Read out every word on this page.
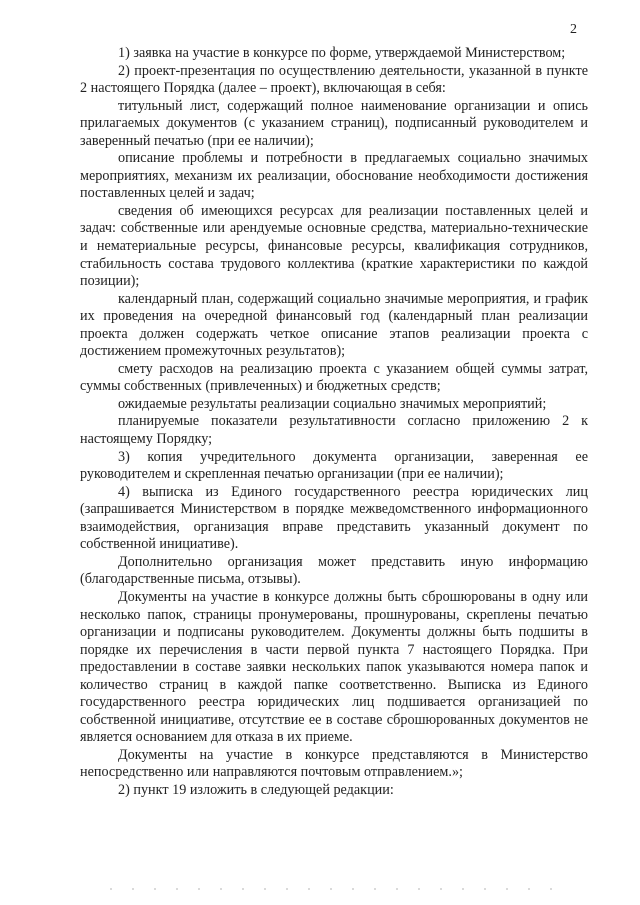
2

1) заявка на участие в конкурсе по форме, утверждаемой Министерством;

2) проект-презентация по осуществлению деятельности, указанной в пункте 2 настоящего Порядка (далее – проект), включающая в себя:

титульный лист, содержащий полное наименование организации и опись прилагаемых документов (с указанием страниц), подписанный руководителем и заверенный печатью (при ее наличии);

описание проблемы и потребности в предлагаемых социально значимых мероприятиях, механизм их реализации, обоснование необходимости достижения поставленных целей и задач;

сведения об имеющихся ресурсах для реализации поставленных целей и задач: собственные или арендуемые основные средства, материально-технические и нематериальные ресурсы, финансовые ресурсы, квалификация сотрудников, стабильность состава трудового коллектива (краткие характеристики по каждой позиции);

календарный план, содержащий социально значимые мероприятия, и график их проведения на очередной финансовый год (календарный план реализации проекта должен содержать четкое описание этапов реализации проекта с достижением промежуточных результатов);

смету расходов на реализацию проекта с указанием общей суммы затрат, суммы собственных (привлеченных) и бюджетных средств;

ожидаемые результаты реализации социально значимых мероприятий;

планируемые показатели результативности согласно приложению 2 к настоящему Порядку;

3) копия учредительного документа организации, заверенная ее руководителем и скрепленная печатью организации (при ее наличии);

4) выписка из Единого государственного реестра юридических лиц (запрашивается Министерством в порядке межведомственного информационного взаимодействия, организация вправе представить указанный документ по собственной инициативе).

Дополнительно организация может представить иную информацию (благодарственные письма, отзывы).

Документы на участие в конкурсе должны быть сброшюрованы в одну или несколько папок, страницы пронумерованы, прошнурованы, скреплены печатью организации и подписаны руководителем. Документы должны быть подшиты в порядке их перечисления в части первой пункта 7 настоящего Порядка. При предоставлении в составе заявки нескольких папок указываются номера папок и количество страниц в каждой папке соответственно. Выписка из Единого государственного реестра юридических лиц подшивается организацией по собственной инициативе, отсутствие ее в составе сброшюрованных документов не является основанием для отказа в их приеме.

Документы на участие в конкурсе представляются в Министерство непосредственно или направляются почтовым отправлением.»;

2) пункт 19 изложить в следующей редакции:
